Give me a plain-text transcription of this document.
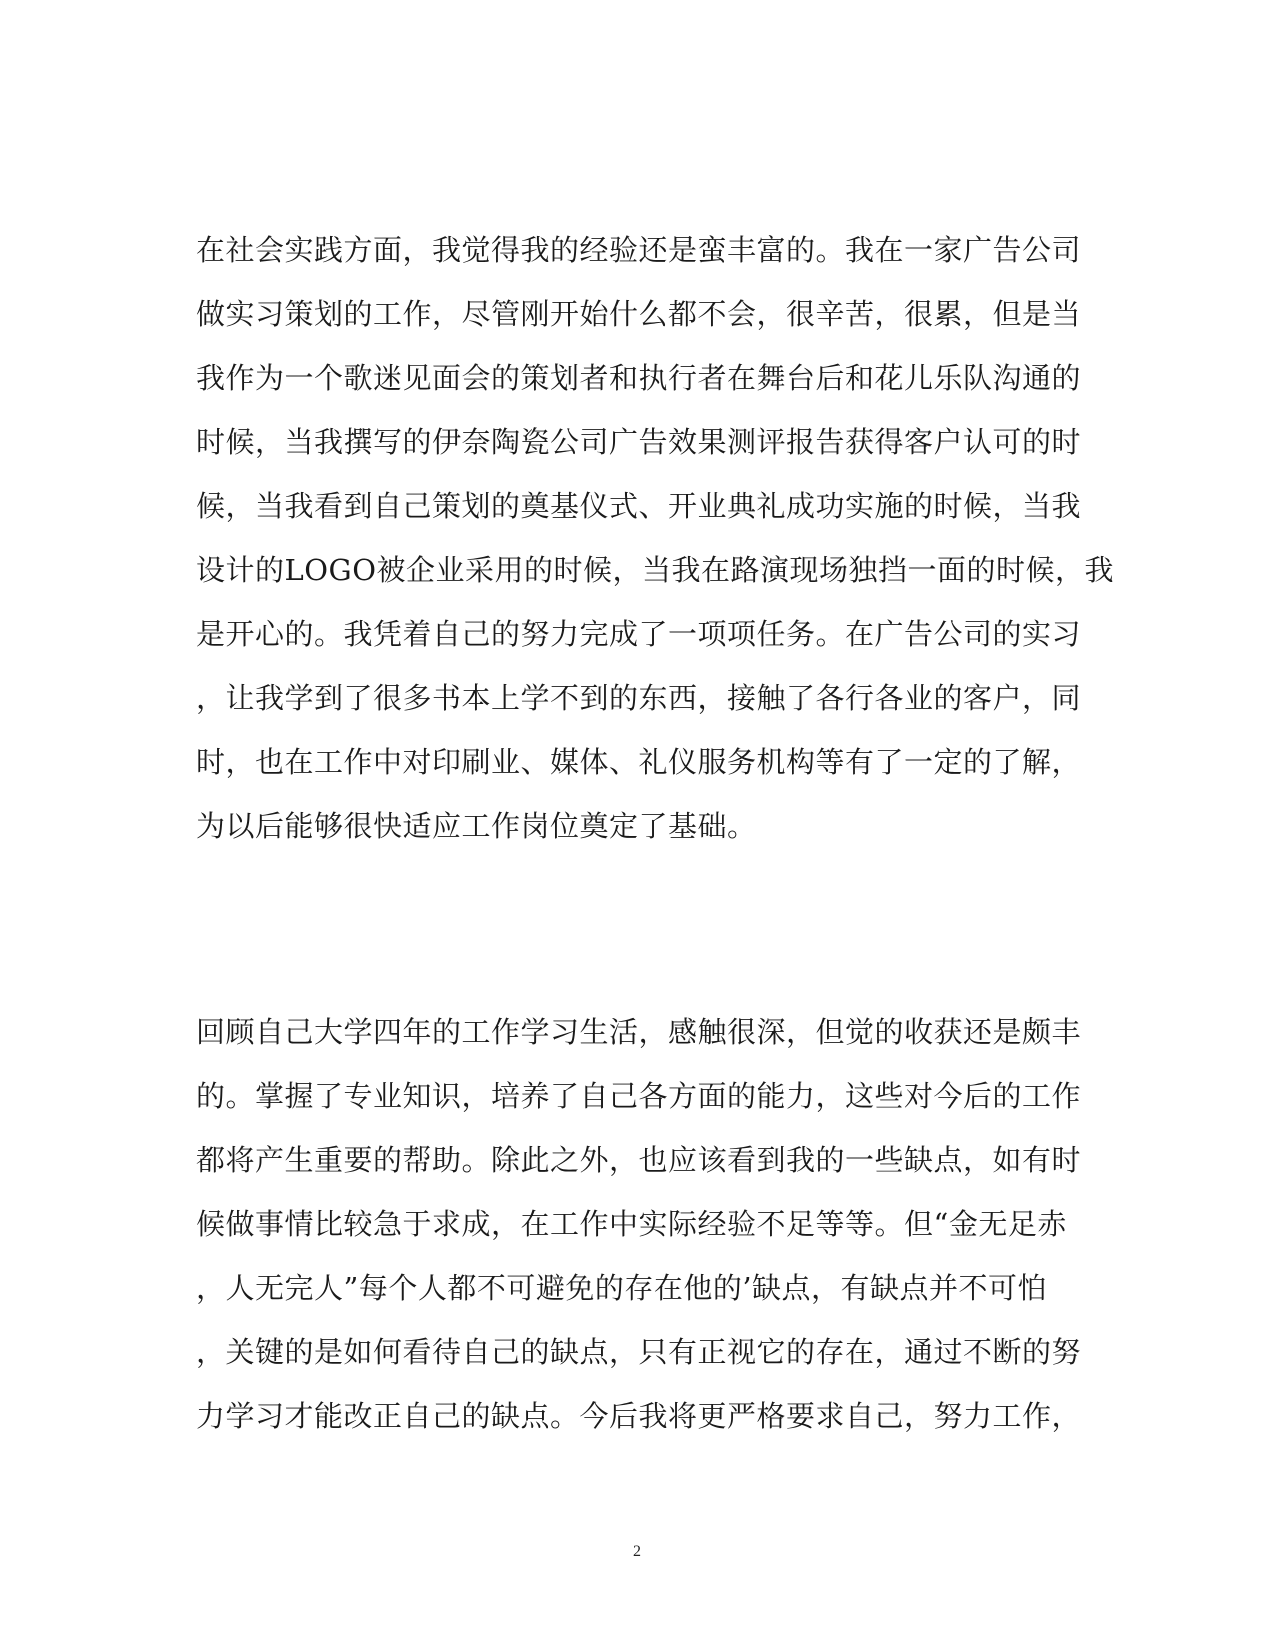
在社会实践方面，我觉得我的经验还是蛮丰富的。我在一家广告公司
做实习策划的工作，尽管刚开始什么都不会，很辛苦，很累，但是当
我作为一个歌迷见面会的策划者和执行者在舞台后和花儿乐队沟通的
时候，当我撰写的伊奈陶瓷公司广告效果测评报告获得客户认可的时
候，当我看到自己策划的奠基仪式、开业典礼成功实施的时候，当我
设计的LOGO被企业采用的时候，当我在路演现场独挡一面的时候，我
是开心的。我凭着自己的努力完成了一项项任务。在广告公司的实习
，让我学到了很多书本上学不到的东西，接触了各行各业的客户，同
时，也在工作中对印刷业、媒体、礼仪服务机构等有了一定的了解，
为以后能够很快适应工作岗位奠定了基础。
回顾自己大学四年的工作学习生活，感触很深，但觉的收获还是颇丰
的。掌握了专业知识，培养了自己各方面的能力，这些对今后的工作
都将产生重要的帮助。除此之外，也应该看到我的一些缺点，如有时
候做事情比较急于求成，在工作中实际经验不足等等。但“金无足赤
，人无完人”每个人都不可避免的存在他的’缺点，有缺点并不可怕
，关键的是如何看待自己的缺点，只有正视它的存在，通过不断的努
力学习才能改正自己的缺点。今后我将更严格要求自己，努力工作，
2
